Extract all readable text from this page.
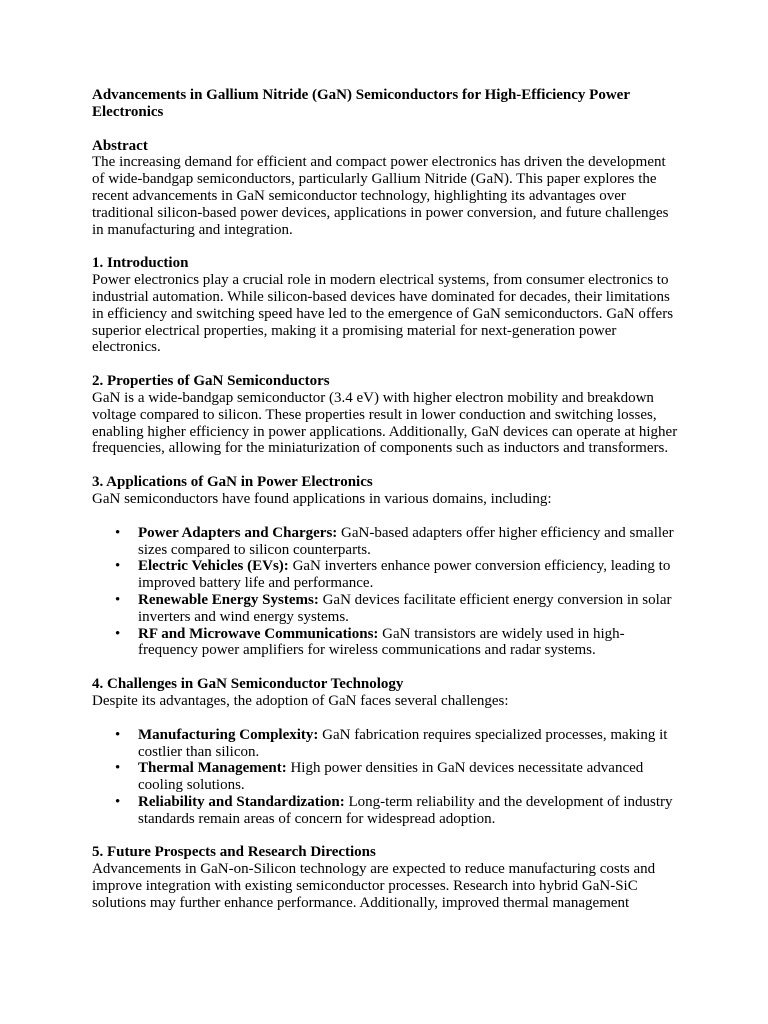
Advancements in Gallium Nitride (GaN) Semiconductors for High-Efficiency Power Electronics
Abstract
The increasing demand for efficient and compact power electronics has driven the development of wide-bandgap semiconductors, particularly Gallium Nitride (GaN). This paper explores the recent advancements in GaN semiconductor technology, highlighting its advantages over traditional silicon-based power devices, applications in power conversion, and future challenges in manufacturing and integration.
1. Introduction
Power electronics play a crucial role in modern electrical systems, from consumer electronics to industrial automation. While silicon-based devices have dominated for decades, their limitations in efficiency and switching speed have led to the emergence of GaN semiconductors. GaN offers superior electrical properties, making it a promising material for next-generation power electronics.
2. Properties of GaN Semiconductors
GaN is a wide-bandgap semiconductor (3.4 eV) with higher electron mobility and breakdown voltage compared to silicon. These properties result in lower conduction and switching losses, enabling higher efficiency in power applications. Additionally, GaN devices can operate at higher frequencies, allowing for the miniaturization of components such as inductors and transformers.
3. Applications of GaN in Power Electronics
GaN semiconductors have found applications in various domains, including:
• Power Adapters and Chargers: GaN-based adapters offer higher efficiency and smaller sizes compared to silicon counterparts.
• Electric Vehicles (EVs): GaN inverters enhance power conversion efficiency, leading to improved battery life and performance.
• Renewable Energy Systems: GaN devices facilitate efficient energy conversion in solar inverters and wind energy systems.
• RF and Microwave Communications: GaN transistors are widely used in high-frequency power amplifiers for wireless communications and radar systems.
4. Challenges in GaN Semiconductor Technology
Despite its advantages, the adoption of GaN faces several challenges:
• Manufacturing Complexity: GaN fabrication requires specialized processes, making it costlier than silicon.
• Thermal Management: High power densities in GaN devices necessitate advanced cooling solutions.
• Reliability and Standardization: Long-term reliability and the development of industry standards remain areas of concern for widespread adoption.
5. Future Prospects and Research Directions
Advancements in GaN-on-Silicon technology are expected to reduce manufacturing costs and improve integration with existing semiconductor processes. Research into hybrid GaN-SiC solutions may further enhance performance. Additionally, improved thermal management
